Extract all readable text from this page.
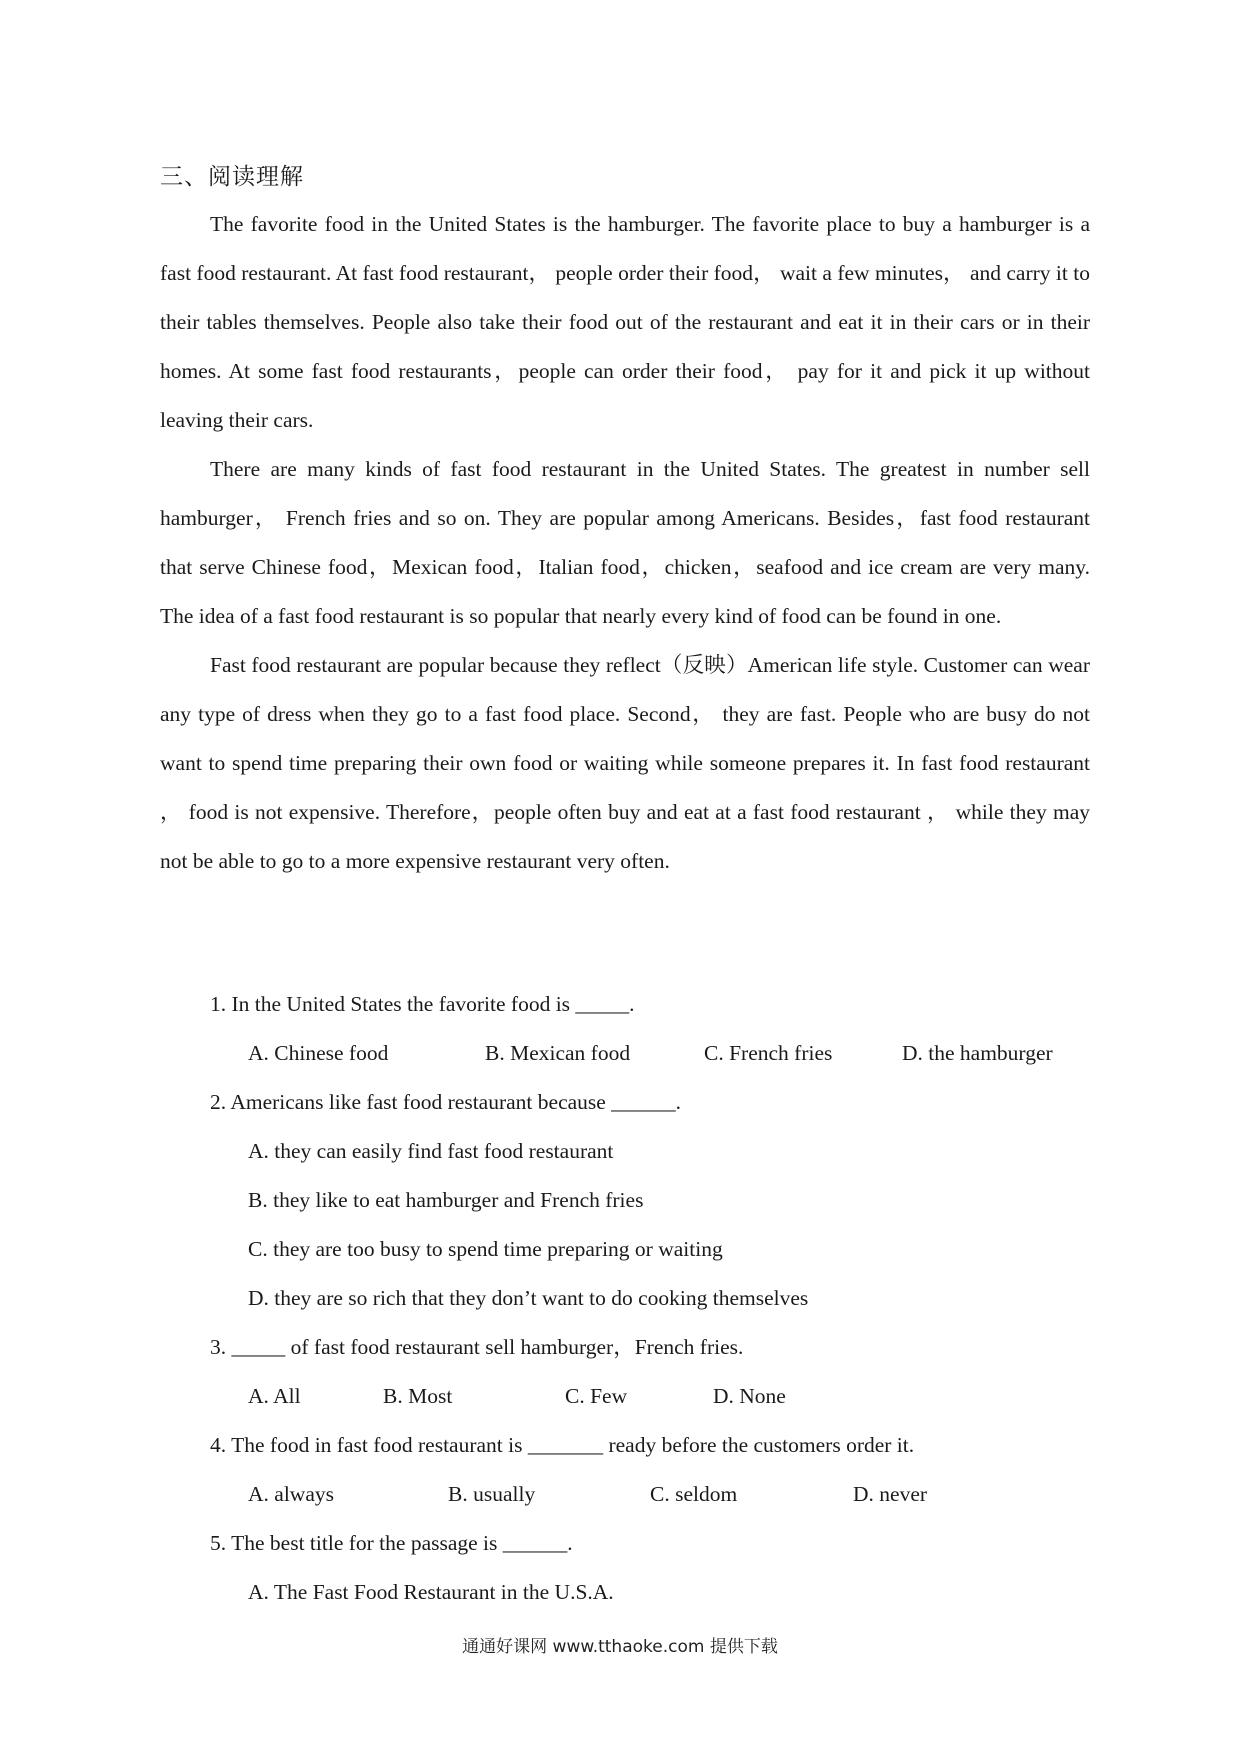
三、阅读理解

The favorite food in the United States is the hamburger. The favorite place to buy a hamburger is a fast food restaurant. At fast food restaurant， people order their food， wait a few minutes， and carry it to their tables themselves. People also take their food out of the restaurant and eat it in their cars or in their homes. At some fast food restaurants，people can order their food， pay for it and pick it up without leaving their cars.

There are many kinds of fast food restaurant in the United States. The greatest in number sell hamburger， French fries and so on. They are popular among Americans. Besides，fast food restaurant that serve Chinese food，Mexican food，Italian food，chicken，seafood and ice cream are very many. The idea of a fast food restaurant is so popular that nearly every kind of food can be found in one.

Fast food restaurant are popular because they reflect（反映）American life style. Customer can wear any type of dress when they go to a fast food place. Second， they are fast. People who are busy do not want to spend time preparing their own food or waiting while someone prepares it. In fast food restaurant ， food is not expensive. Therefore，people often buy and eat at a fast food restaurant ， while they may not be able to go to a more expensive restaurant very often.

1. In the United States the favorite food is _____.
A. Chinese food	B. Mexican food	C. French fries	D. the hamburger
2. Americans like fast food restaurant because ______.
A. they can easily find fast food restaurant
B. they like to eat hamburger and French fries
C. they are too busy to spend time preparing or waiting
D. they are so rich that they don’t want to do cooking themselves
3. _____ of fast food restaurant sell hamburger，French fries.
A. All	B. Most	C. Few	D. None
4. The food in fast food restaurant is _______ ready before the customers order it.
A. always	B. usually	C. seldom	D. never
5. The best title for the passage is ______.
A. The Fast Food Restaurant in the U.S.A.
通通好课网 www.tthaoke.com 提供下载
